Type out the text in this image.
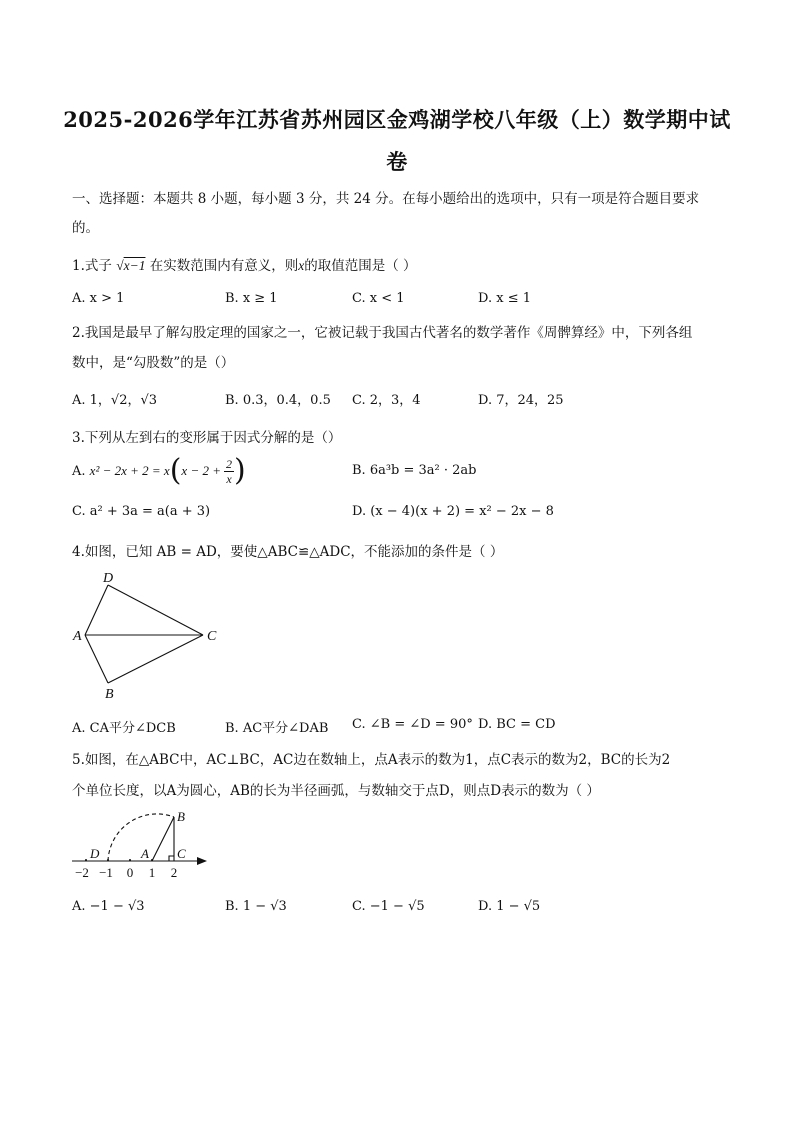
2025-2026学年江苏省苏州园区金鸡湖学校八年级（上）数学期中试
卷
一、选择题：本题共 8 小题，每小题 3 分，共 24 分。在每小题给出的选项中，只有一项是符合题目要求
的。
1.式子 √x−1 在实数范围内有意义，则x的取值范围是（ ）
A. x > 1	B. x ≥ 1	C. x < 1	D. x ≤ 1
2.我国是最早了解勾股定理的国家之一，它被记载于我国古代著名的数学著作《周髀算经》中，下列各组
数中，是“勾股数”的是（）
A. 1，√2，√3	B. 0.3，0.4，0.5 C. 2，3，4	D. 7，24，25
3.下列从左到右的变形属于因式分解的是（）
A.
x² − 2x + 2 = x ( $x - 2 + \frac{2}{x}$ )	B. 6a³b = 3a² · 2ab
C. a² + 3a = a(a + 3)	D. (x − 4)(x + 2) = x² − 2x − 8
4.如图，已知 AB = AD，要使△ABC≌△ADC，不能添加的条件是（ ）
D
A
B
C
A. CA平分∠DCB	B. AC平分∠DAB C. ∠B = ∠D = 90° D. BC = CD
5.如图，在△ABC中，AC⊥BC，AC边在数轴上，点A表示的数为1，点C表示的数为2，BC的长为2
个单位长度，以A为圆心，AB的长为半径画弧，与数轴交于点D，则点D表示的数为（ ）
B
D	A C
−2 −1 0 1 2
A. −1 − √3	B. 1 − √3	C. −1 − √5	D. 1 − √5
